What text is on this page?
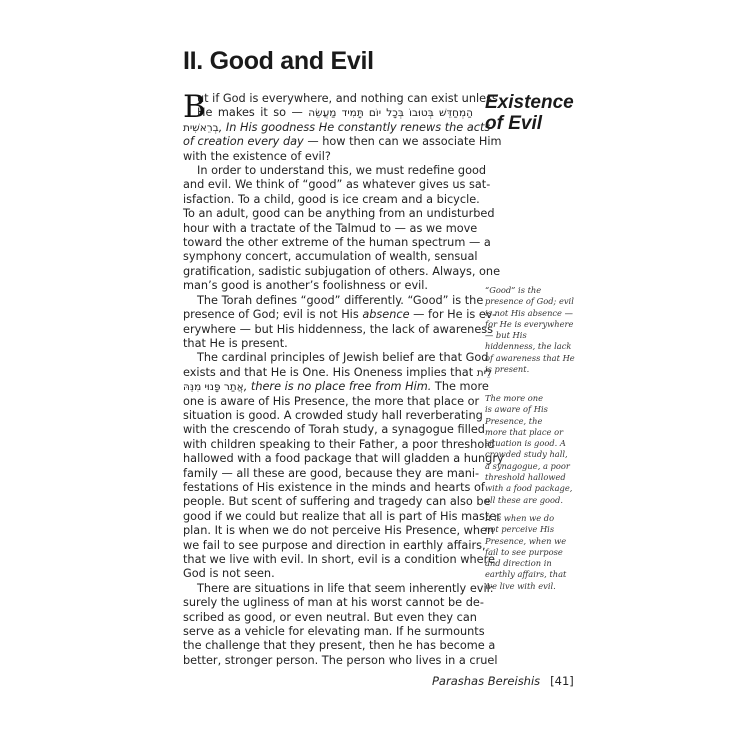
II. Good and Evil
Existence
of Evil
B
ut if God is everywhere, and nothing can exist unless
He makes it so — הַמְחַדֵּשׁ בְּטוּבוֹ בְּכָל יוֹם תָּמִיד מַעֲשֵׂה
בְרֵאשִׁית, In His goodness He constantly renews the acts
of creation every day — how then can we associate Him
with the existence of evil?
In order to understand this, we must redefine good
and evil. We think of “good” as whatever gives us sat-
isfaction. To a child, good is ice cream and a bicycle.
To an adult, good can be anything from an undisturbed
hour with a tractate of the Talmud to — as we move
toward the other extreme of the human spectrum — a
symphony concert, accumulation of wealth, sensual
gratification, sadistic subjugation of others. Always, one
man’s good is another’s foolishness or evil.
The Torah defines “good” differently. “Good” is the
presence of God; evil is not His absence — for He is ev-
erywhere — but His hiddenness, the lack of awareness
that He is present.
The cardinal principles of Jewish belief are that God
exists and that He is One. His Oneness implies that לֵית
אֲתַר פָּנוּי מִנֵּהּ, there is no place free from Him. The more
one is aware of His Presence, the more that place or
situation is good. A crowded study hall reverberating
with the crescendo of Torah study, a synagogue filled
with children speaking to their Father, a poor threshold
hallowed with a food package that will gladden a hungry
family — all these are good, because they are mani-
festations of His existence in the minds and hearts of
people. But scent of suffering and tragedy can also be
good if we could but realize that all is part of His master
plan. It is when we do not perceive His Presence, when
we fail to see purpose and direction in earthly affairs,
that we live with evil. In short, evil is a condition where
God is not seen.
There are situations in life that seem inherently evil:
surely the ugliness of man at his worst cannot be de-
scribed as good, or even neutral. But even they can
serve as a vehicle for elevating man. If he surmounts
the challenge that they present, then he has become a
better, stronger person. The person who lives in a cruel
“Good” is the
presence of God; evil
is not His absence —
for He is everywhere
— but His
hiddenness, the lack
of awareness that He
is present.
The more one
is aware of His
Presence, the
more that place or
situation is good. A
crowded study hall,
a synagogue, a poor
threshold hallowed
with a food package,
all these are good.
It is when we do
not perceive His
Presence, when we
fail to see purpose
and direction in
earthly affairs, that
we live with evil.
Parashas Bereishis [41]
